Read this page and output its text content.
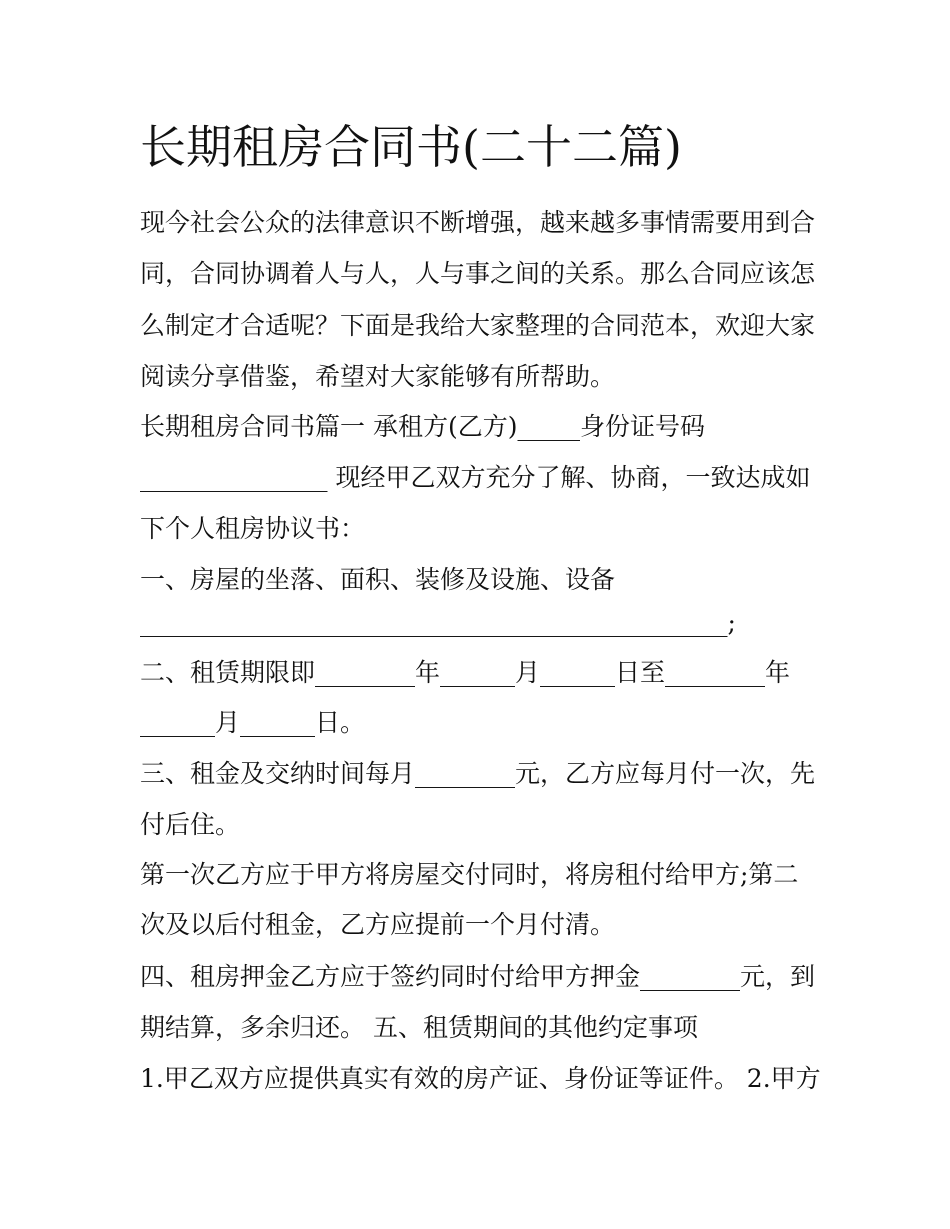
长期租房合同书(二十二篇)

现今社会公众的法律意识不断增强，越来越多事情需要用到合

同，合同协调着人与人，人与事之间的关系。那么合同应该怎

么制定才合适呢？下面是我给大家整理的合同范本，欢迎大家

阅读分享借鉴，希望对大家能够有所帮助。

长期租房合同书篇一 承租方(乙方)_____身份证号码

_______________ 现经甲乙双方充分了解、协商，一致达成如

下个人租房协议书：

一、房屋的坐落、面积、装修及设施、设备

_______________________________________________;

二、租赁期限即________年______月______日至________年

______月______日。

三、租金及交纳时间每月________元，乙方应每月付一次，先

付后住。

第一次乙方应于甲方将房屋交付同时，将房租付给甲方;第二

次及以后付租金，乙方应提前一个月付清。

四、租房押金乙方应于签约同时付给甲方押金________元，到

期结算，多余归还。 五、租赁期间的其他约定事项

1.甲乙双方应提供真实有效的房产证、身份证等证件。 2.甲方
